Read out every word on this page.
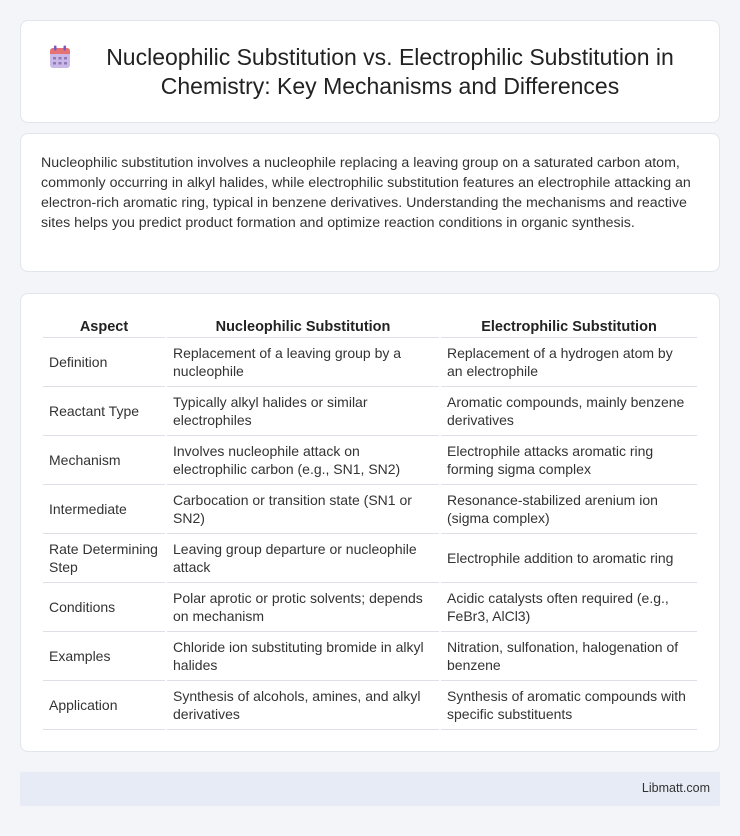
Nucleophilic Substitution vs. Electrophilic Substitution in
Chemistry: Key Mechanisms and Differences

Nucleophilic substitution involves a nucleophile replacing a leaving group on a saturated carbon atom, commonly occurring in alkyl halides, while electrophilic substitution features an electrophile attacking an electron-rich aromatic ring, typical in benzene derivatives. Understanding the mechanisms and reactive sites helps you predict product formation and optimize reaction conditions in organic synthesis.

Aspect	Nucleophilic Substitution	Electrophilic Substitution
Definition	Replacement of a leaving group by a nucleophile	Replacement of a hydrogen atom by an electrophile
Reactant Type	Typically alkyl halides or similar electrophiles	Aromatic compounds, mainly benzene derivatives
Mechanism	Involves nucleophile attack on electrophilic carbon (e.g., SN1, SN2)	Electrophile attacks aromatic ring forming sigma complex
Intermediate	Carbocation or transition state (SN1 or SN2)	Resonance-stabilized arenium ion (sigma complex)
Rate Determining Step	Leaving group departure or nucleophile attack	Electrophile addition to aromatic ring
Conditions	Polar aprotic or protic solvents; depends on mechanism	Acidic catalysts often required (e.g., FeBr3, AlCl3)
Examples	Chloride ion substituting bromide in alkyl halides	Nitration, sulfonation, halogenation of benzene
Application	Synthesis of alcohols, amines, and alkyl derivatives	Synthesis of aromatic compounds with specific substituents
Libmatt.com
